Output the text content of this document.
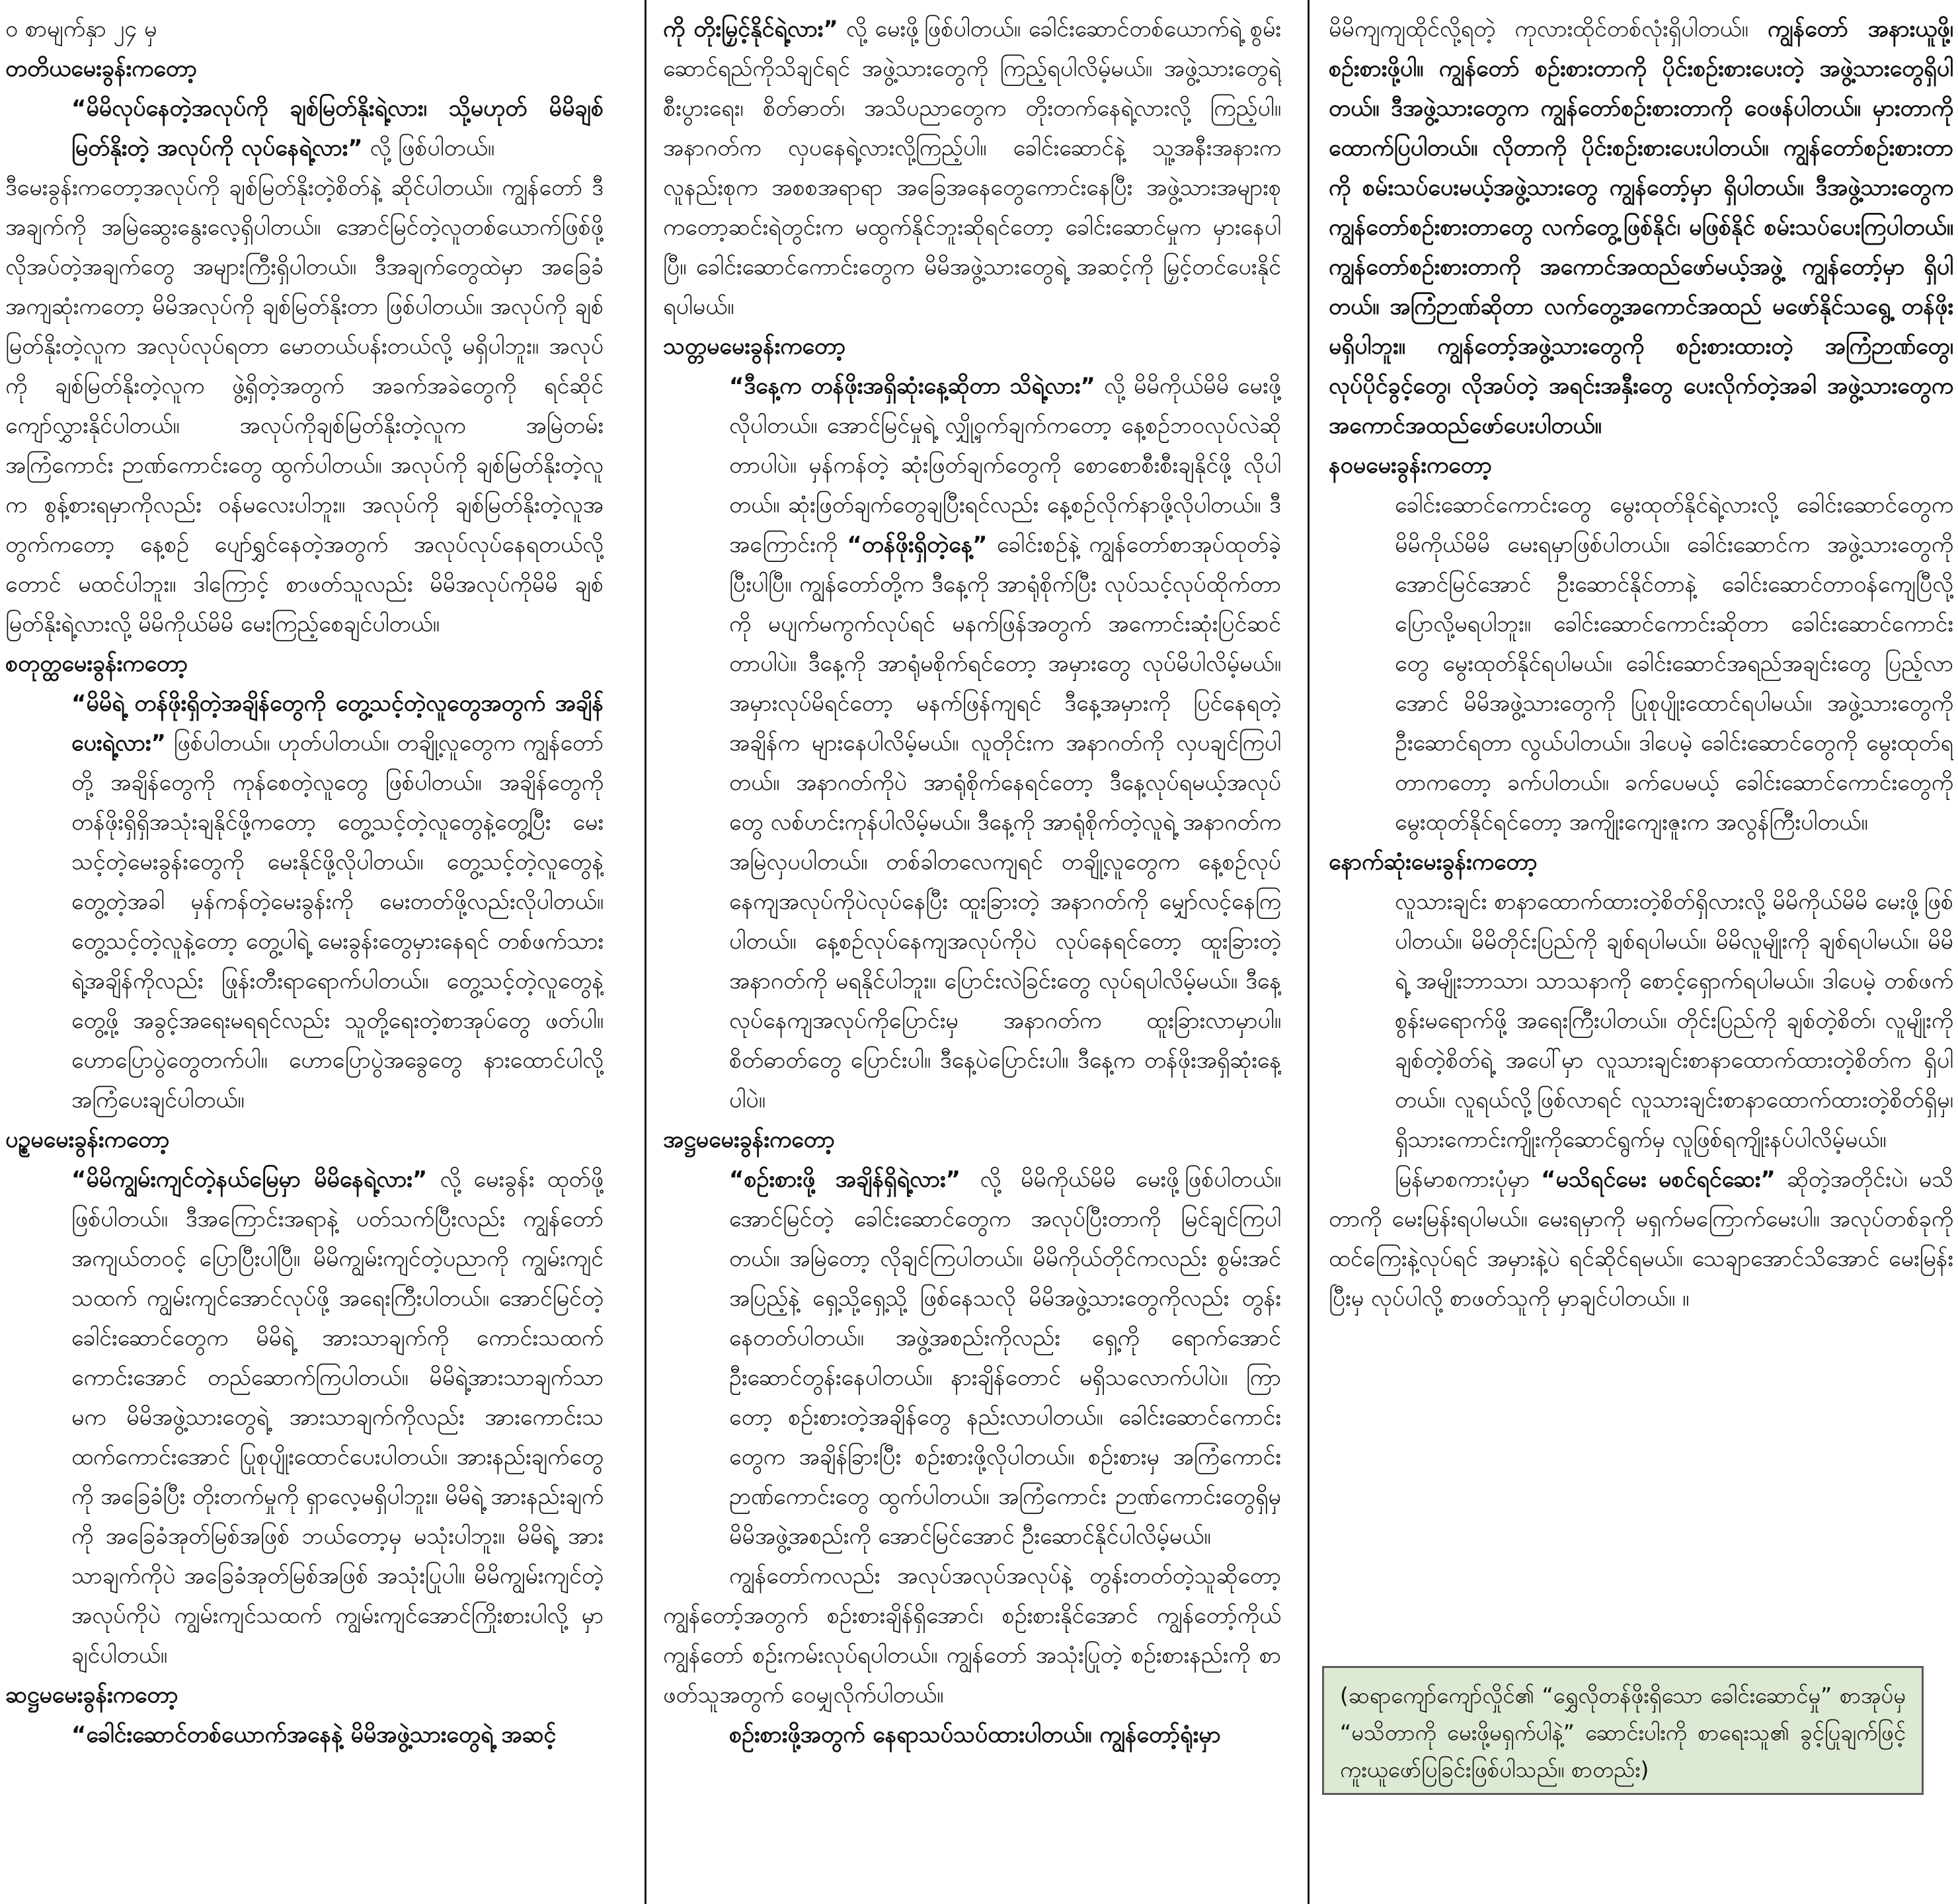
ဝ စာမျက်နှာ ၂၄ မှ
တတိယမေးခွန်းကတော့
“မိမိလုပ်နေတဲ့အလုပ်ကို ချစ်မြတ်နိုးရဲ့လား၊ သို့မဟုတ် မိမိချစ်မြတ်နိုးတဲ့ အလုပ်ကို လုပ်နေရဲ့လား” လို့ ဖြစ်ပါတယ်။
ဒီမေးခွန်းကတော့အလုပ်ကို ချစ်မြတ်နိုးတဲ့စိတ်နဲ့ ဆိုင်ပါတယ်။ ကျွန်တော် ဒီအချက်ကို အမြဲဆွေးနွေးလေ့ရှိပါတယ်။ အောင်မြင်တဲ့လူတစ်ယောက်ဖြစ်ဖို့ လိုအပ်တဲ့အချက်တွေ အများကြီးရှိပါတယ်။ ဒီအချက်တွေထဲမှာ အခြေခံအကျဆုံးကတော့ မိမိအလုပ်ကို ချစ်မြတ်နိုးတာ ဖြစ်ပါတယ်။ အလုပ်ကို ချစ်မြတ်နိုးတဲ့လူက အလုပ်လုပ်ရတာ မောတယ်ပန်းတယ်လို့ မရှိပါဘူး။ အလုပ်ကို ချစ်မြတ်နိုးတဲ့လူက ဖွဲ့ရှိတဲ့အတွက် အခက်အခဲတွေကို ရင်ဆိုင်ကျော်လွှားနိုင်ပါတယ်။ အလုပ်ကိုချစ်မြတ်နိုးတဲ့လူက အမြဲတမ်း အကြံကောင်း ဉာဏ်ကောင်းတွေ ထွက်ပါတယ်။ အလုပ်ကို ချစ်မြတ်နိုးတဲ့လူက စွန့်စားရမှာကိုလည်း ဝန်မလေးပါဘူး။ အလုပ်ကို ချစ်မြတ်နိုးတဲ့လူအတွက်ကတော့ နေ့စဉ် ပျော်ရွှင်နေတဲ့အတွက် အလုပ်လုပ်နေရတယ်လို့တောင် မထင်ပါဘူး။ ဒါကြောင့် စာဖတ်သူလည်း မိမိအလုပ်ကိုမိမိ ချစ်မြတ်နိုးရဲ့လားလို့ မိမိကိုယ်မိမိ မေးကြည့်စေချင်ပါတယ်။
စတုတ္ထမေးခွန်းကတော့
“မိမိရဲ့ တန်ဖိုးရှိတဲ့အချိန်တွေကို တွေ့သင့်တဲ့လူတွေအတွက် အချိန်ပေးရဲ့လား” ဖြစ်ပါတယ်။ ဟုတ်ပါတယ်။ တချို့လူတွေက ကျွန်တော်တို့ အချိန်တွေကို ကုန်စေတဲ့လူတွေ ဖြစ်ပါတယ်။ အချိန်တွေကို တန်ဖိုးရှိရှိအသုံးချနိုင်ဖို့ကတော့ တွေ့သင့်တဲ့လူတွေနဲ့တွေ့ပြီး မေးသင့်တဲ့မေးခွန်းတွေကို မေးနိုင်ဖို့လိုပါတယ်။ တွေ့သင့်တဲ့လူတွေနဲ့ တွေ့တဲ့အခါ မှန်ကန်တဲ့မေးခွန်းကို မေးတတ်ဖို့လည်းလိုပါတယ်။ တွေ့သင့်တဲ့လူနဲ့တော့ တွေ့ပါရဲ့ မေးခွန်းတွေမှားနေရင် တစ်ဖက်သားရဲ့အချိန်ကိုလည်း ဖြုန်းတီးရာရောက်ပါတယ်။ တွေ့သင့်တဲ့လူတွေနဲ့တွေ့ဖို့ အခွင့်အရေးမရရင်လည်း သူတို့ရေးတဲ့စာအုပ်တွေ ဖတ်ပါ။ ဟောပြောပွဲတွေတက်ပါ။ ဟောပြောပွဲအခွေတွေ နားထောင်ပါလို့ အကြံပေးချင်ပါတယ်။
ပဉ္စမမေးခွန်းကတော့
“မိမိကျွမ်းကျင်တဲ့နယ်မြေမှာ မိမိနေရဲ့လား” လို့ မေးခွန်း ထုတ်ဖို့ ဖြစ်ပါတယ်။ ဒီအကြောင်းအရာနဲ့ ပတ်သက်ပြီးလည်း ကျွန်တော် အကျယ်တဝင့် ပြောပြီးပါပြီ။ မိမိကျွမ်းကျင်တဲ့ပညာကို ကျွမ်းကျင်သထက် ကျွမ်းကျင်အောင်လုပ်ဖို့ အရေးကြီးပါတယ်။ အောင်မြင်တဲ့ ခေါင်းဆောင်တွေက မိမိရဲ့ အားသာချက်ကို ကောင်းသထက်ကောင်းအောင် တည်ဆောက်ကြပါတယ်။ မိမိရဲ့အားသာချက်သာမက မိမိအဖွဲ့သားတွေရဲ့ အားသာချက်ကိုလည်း အားကောင်းသထက်ကောင်းအောင် ပြုစုပျိုးထောင်ပေးပါတယ်။ အားနည်းချက်တွေကို အခြေခံပြီး တိုးတက်မှုကို ရှာလေ့မရှိပါဘူး။ မိမိရဲ့ အားနည်းချက်ကို အခြေခံအုတ်မြစ်အဖြစ် ဘယ်တော့မှ မသုံးပါဘူး။ မိမိရဲ့ အားသာချက်ကိုပဲ အခြေခံအုတ်မြစ်အဖြစ် အသုံးပြုပါ။ မိမိကျွမ်းကျင်တဲ့ အလုပ်ကိုပဲ ကျွမ်းကျင်သထက် ကျွမ်းကျင်အောင်ကြိုးစားပါလို့ မှာချင်ပါတယ်။
ဆဋ္ဌမမေးခွန်းကတော့
“ခေါင်းဆောင်တစ်ယောက်အနေနဲ့ မိမိအဖွဲ့သားတွေရဲ့ အဆင့်
ကို တိုးမြှင့်နိုင်ရဲ့လား” လို့ မေးဖို့ဖြစ်ပါတယ်။ ခေါင်းဆောင်တစ်ယောက်ရဲ့ စွမ်းဆောင်ရည်ကိုသိချင်ရင် အဖွဲ့သားတွေကို ကြည့်ရပါလိမ့်မယ်။ အဖွဲ့သားတွေရဲ့ စီးပွားရေး၊ စိတ်ဓာတ်၊ အသိပညာတွေက တိုးတက်နေရဲ့လားလို့ ကြည့်ပါ။ အနာဂတ်က လှပနေရဲ့လားလို့ကြည့်ပါ။ ခေါင်းဆောင်နဲ့ သူ့အနီးအနားက လူနည်းစုက အစစအရာရာ အခြေအနေတွေကောင်းနေပြီး အဖွဲ့သားအများစုကတော့ဆင်းရဲတွင်းက မထွက်နိုင်ဘူးဆိုရင်တော့ ခေါင်းဆောင်မှုက မှားနေပါပြီ။ ခေါင်းဆောင်ကောင်းတွေက မိမိအဖွဲ့သားတွေရဲ့ အဆင့်ကို မြှင့်တင်ပေးနိုင်ရပါမယ်။
သတ္တမမေးခွန်းကတော့
“ဒီနေ့က တန်ဖိုးအရှိဆုံးနေ့ဆိုတာ သိရဲ့လား” လို့ မိမိကိုယ်မိမိ မေးဖို့လိုပါတယ်။ အောင်မြင်မှုရဲ့ လျှို့ဝှက်ချက်ကတော့ နေ့စဉ်ဘဝလုပ်လဲဆိုတာပါပဲ။ မှန်ကန်တဲ့ ဆုံးဖြတ်ချက်တွေကို စောစောစီးစီးချနိုင်ဖို့ လိုပါတယ်။ ဆုံးဖြတ်ချက်တွေချပြီးရင်လည်း နေ့စဉ်လိုက်နာဖို့လိုပါတယ်။ ဒီအကြောင်းကို “တန်ဖိုးရှိတဲ့နေ့” ခေါင်းစဉ်နဲ့ ကျွန်တော်စာအုပ်ထုတ်ခဲ့ပြီးပါပြီ။ ကျွန်တော်တို့က ဒီနေ့ကို အာရုံစိုက်ပြီး လုပ်သင့်လုပ်ထိုက်တာကို မပျက်မကွက်လုပ်ရင် မနက်ဖြန်အတွက် အကောင်းဆုံးပြင်ဆင်တာပါပဲ။ ဒီနေ့ကို အာရုံမစိုက်ရင်တော့ အမှားတွေ လုပ်မိပါလိမ့်မယ်။ အမှားလုပ်မိရင်တော့ မနက်ဖြန်ကျရင် ဒီနေ့အမှားကို ပြင်နေရတဲ့အချိန်က များနေပါလိမ့်မယ်။ လူတိုင်းက အနာဂတ်ကို လှပချင်ကြပါတယ်။ အနာဂတ်ကိုပဲ အာရုံစိုက်နေရင်တော့ ဒီနေ့လုပ်ရမယ့်အလုပ်တွေ လစ်ဟင်းကုန်ပါလိမ့်မယ်။ ဒီနေ့ကို အာရုံစိုက်တဲ့လူရဲ့ အနာဂတ်က အမြဲလှပပါတယ်။ တစ်ခါတလေကျရင် တချို့လူတွေက နေ့စဉ်လုပ်နေကျအလုပ်ကိုပဲလုပ်နေပြီး ထူးခြားတဲ့ အနာဂတ်ကို မျှော်လင့်နေကြပါတယ်။ နေ့စဉ်လုပ်နေကျအလုပ်ကိုပဲ လုပ်နေရင်တော့ ထူးခြားတဲ့ အနာဂတ်ကို မရနိုင်ပါဘူး။ ပြောင်းလဲခြင်းတွေ လုပ်ရပါလိမ့်မယ်။ ဒီနေ့ လုပ်နေကျအလုပ်ကိုပြောင်းမှ အနာဂတ်က ထူးခြားလာမှာပါ။ စိတ်ဓာတ်တွေ ပြောင်းပါ။ ဒီနေ့ပဲပြောင်းပါ။ ဒီနေ့က တန်ဖိုးအရှိဆုံးနေ့ပါပဲ။
အဋ္ဌမမေးခွန်းကတော့
“စဉ်းစားဖို့ အချိန်ရှိရဲ့လား” လို့ မိမိကိုယ်မိမိ မေးဖို့ဖြစ်ပါတယ်။ အောင်မြင်တဲ့ ခေါင်းဆောင်တွေက အလုပ်ပြီးတာကို မြင်ချင်ကြပါတယ်။ အမြဲတော့ လိုချင်ကြပါတယ်။ မိမိကိုယ်တိုင်ကလည်း စွမ်းအင်အပြည့်နဲ့ ရှေ့သို့ရှေ့သို့ ဖြစ်နေသလို မိမိအဖွဲ့သားတွေကိုလည်း တွန်းနေတတ်ပါတယ်။ အဖွဲ့အစည်းကိုလည်း ရှေ့ကို ရောက်အောင် ဦးဆောင်တွန်းနေပါတယ်။ နားချိန်တောင် မရှိသလောက်ပါပဲ။ ကြာတော့ စဉ်းစားတဲ့အချိန်တွေ နည်းလာပါတယ်။ ခေါင်းဆောင်ကောင်းတွေက အချိန်ခြားပြီး စဉ်းစားဖို့လိုပါတယ်။ စဉ်းစားမှ အကြံကောင်း ဉာဏ်ကောင်းတွေ ထွက်ပါတယ်။ အကြံကောင်း ဉာဏ်ကောင်းတွေရှိမှ မိမိအဖွဲ့အစည်းကို အောင်မြင်အောင် ဦးဆောင်နိုင်ပါလိမ့်မယ်။
ကျွန်တော်ကလည်း အလုပ်အလုပ်အလုပ်နဲ့ တွန်းတတ်တဲ့သူဆိုတော့ ကျွန်တော့်အတွက် စဉ်းစားချိန်ရှိအောင်၊ စဉ်းစားနိုင်အောင် ကျွန်တော့်ကိုယ်ကျွန်တော် စဉ်းကမ်းလုပ်ရပါတယ်။ ကျွန်တော် အသုံးပြုတဲ့ စဉ်းစားနည်းကို စာဖတ်သူအတွက် ဝေမျှလိုက်ပါတယ်။
စဉ်းစားဖို့အတွက် နေရာသပ်သပ်ထားပါတယ်။ ကျွန်တော့်ရုံးမှာ
မိမိကျကျထိုင်လို့ရတဲ့ ကုလားထိုင်တစ်လုံးရှိပါတယ်။ ကျွန်တော် အနားယူဖို့၊ စဉ်းစားဖို့ပါ။ ကျွန်တော် စဉ်းစားတာကို ပိုင်းစဉ်းစားပေးတဲ့ အဖွဲ့သားတွေရှိပါတယ်။ ဒီအဖွဲ့သားတွေက ကျွန်တော်စဉ်းစားတာကို ဝေဖန်ပါတယ်။ မှားတာကို ထောက်ပြပါတယ်။ လိုတာကို ပိုင်းစဉ်းစားပေးပါတယ်။ ကျွန်တော်စဉ်းစားတာကို စမ်းသပ်ပေးမယ့်အဖွဲ့သားတွေ ကျွန်တော့်မှာ ရှိပါတယ်။ ဒီအဖွဲ့သားတွေက ကျွန်တော်စဉ်းစားတာတွေ လက်တွေ့ဖြစ်နိုင်၊ မဖြစ်နိုင် စမ်းသပ်ပေးကြပါတယ်။ ကျွန်တော်စဉ်းစားတာကို အကောင်အထည်ဖော်မယ့်အဖွဲ့ ကျွန်တော့်မှာ ရှိပါတယ်။ အကြံဉာဏ်ဆိုတာ လက်တွေ့အကောင်အထည် မဖော်နိုင်သရွေ့ တန်ဖိုးမရှိပါဘူး။ ကျွန်တော့်အဖွဲ့သားတွေကို စဉ်းစားထားတဲ့ အကြံဉာဏ်တွေ၊ လုပ်ပိုင်ခွင့်တွေ၊ လိုအပ်တဲ့ အရင်းအနှီးတွေ ပေးလိုက်တဲ့အခါ အဖွဲ့သားတွေက အကောင်အထည်ဖော်ပေးပါတယ်။
နဝမမေးခွန်းကတော့
ခေါင်းဆောင်ကောင်းတွေ မွေးထုတ်နိုင်ရဲ့လားလို့ ခေါင်းဆောင်တွေက မိမိကိုယ်မိမိ မေးရမှာဖြစ်ပါတယ်။ ခေါင်းဆောင်က အဖွဲ့သားတွေကို အောင်မြင်အောင် ဦးဆောင်နိုင်တာနဲ့ ခေါင်းဆောင်တာဝန်ကျေပြီလို့ ပြောလို့မရပါဘူး။ ခေါင်းဆောင်ကောင်းဆိုတာ ခေါင်းဆောင်ကောင်းတွေ မွေးထုတ်နိုင်ရပါမယ်။ ခေါင်းဆောင်အရည်အချင်းတွေ ပြည့်လာအောင် မိမိအဖွဲ့သားတွေကို ပြုစုပျိုးထောင်ရပါမယ်။ အဖွဲ့သားတွေကို ဦးဆောင်ရတာ လွယ်ပါတယ်။ ဒါပေမဲ့ ခေါင်းဆောင်တွေကို မွေးထုတ်ရတာကတော့ ခက်ပါတယ်။ ခက်ပေမယ့် ခေါင်းဆောင်ကောင်းတွေကို မွေးထုတ်နိုင်ရင်တော့ အကျိုးကျေးဇူးက အလွန်ကြီးပါတယ်။
နောက်ဆုံးမေးခွန်းကတော့
လူသားချင်း စာနာထောက်ထားတဲ့စိတ်ရှိလားလို့ မိမိကိုယ်မိမိ မေးဖို့ဖြစ်ပါတယ်။ မိမိတိုင်းပြည်ကို ချစ်ရပါမယ်။ မိမိလူမျိုးကို ချစ်ရပါမယ်။ မိမိရဲ့ အမျိုးဘာသာ၊ သာသနာကို စောင့်ရှောက်ရပါမယ်။ ဒါပေမဲ့ တစ်ဖက်စွန်းမရောက်ဖို့ အရေးကြီးပါတယ်။ တိုင်းပြည်ကို ချစ်တဲ့စိတ်၊ လူမျိုးကိုချစ်တဲ့စိတ်ရဲ့ အပေါ်မှာ လူသားချင်းစာနာထောက်ထားတဲ့စိတ်က ရှိပါတယ်။ လူရယ်လို့ဖြစ်လာရင် လူသားချင်းစာနာထောက်ထားတဲ့စိတ်ရှိမှ၊ ရှိသားကောင်းကျိုးကိုဆောင်ရွက်မှ လူဖြစ်ရကျိုးနပ်ပါလိမ့်မယ်။
မြန်မာစကားပုံမှာ “မသိရင်မေး မစင်ရင်ဆေး” ဆိုတဲ့အတိုင်းပဲ၊ မသိတာကို မေးမြန်းရပါမယ်။ မေးရမှာကို မရှက်မကြောက်မေးပါ။ အလုပ်တစ်ခုကို ထင်ကြေးနဲ့လုပ်ရင် အမှားနဲ့ပဲ ရင်ဆိုင်ရမယ်။ သေချာအောင်သိအောင် မေးမြန်းပြီးမှ လုပ်ပါလို့ စာဖတ်သူကို မှာချင်ပါတယ်။ ။
(ဆရာကျော်ကျော်လှိုင်၏ “ရွှေလိုတန်ဖိုးရှိသော ခေါင်းဆောင်မှု” စာအုပ်မှ “မသိတာကို မေးဖို့မရှက်ပါနဲ့” ဆောင်းပါးကို စာရေးသူ၏ ခွင့်ပြုချက်ဖြင့် ကူးယူဖော်ပြခြင်းဖြစ်ပါသည်။ စာတည်း)
